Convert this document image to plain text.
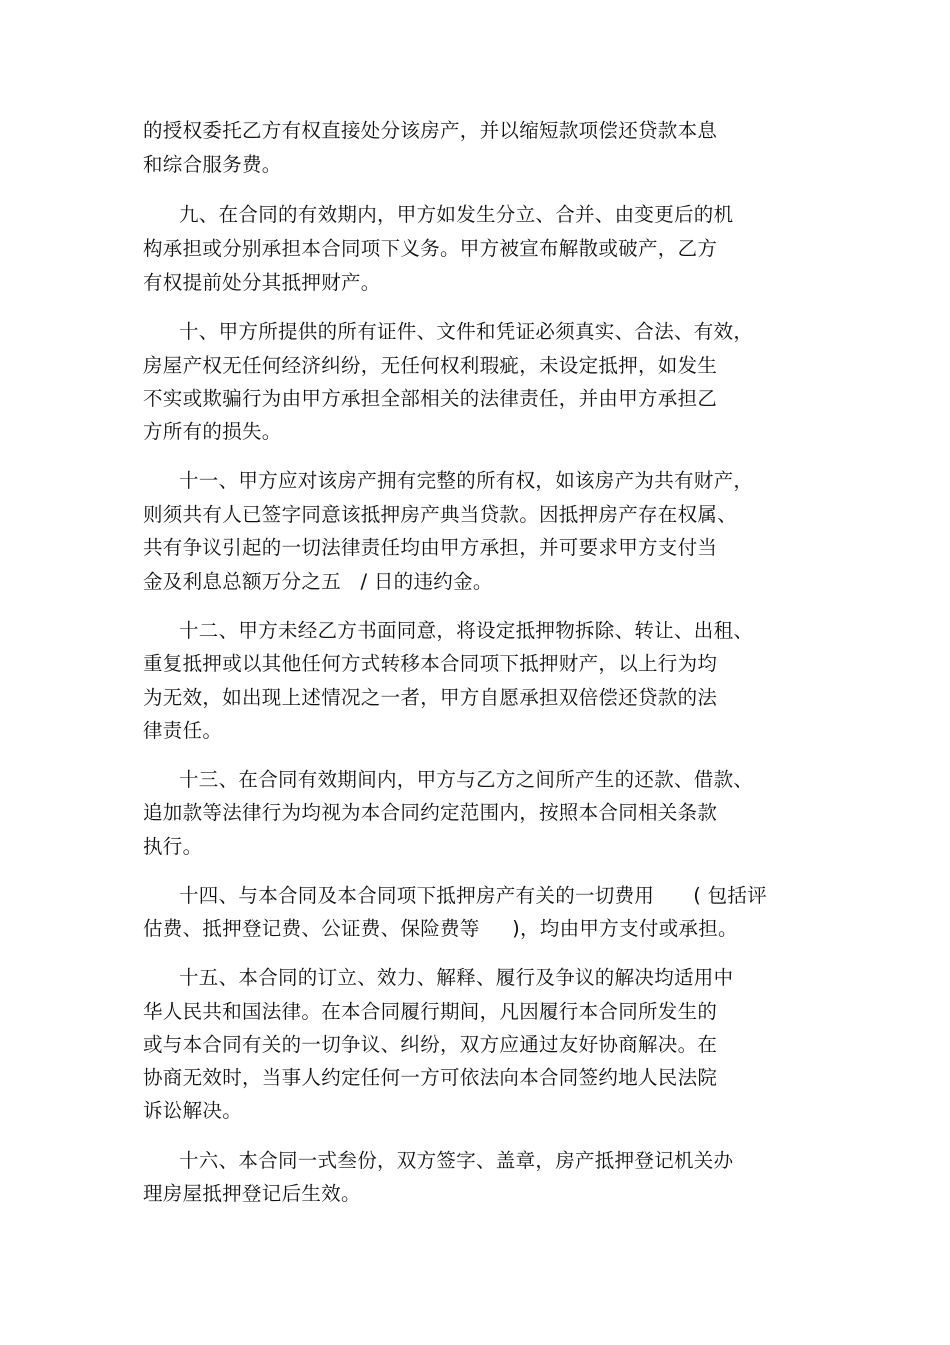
的授权委托乙方有权直接处分该房产，并以缩短款项偿还贷款本息
和综合服务费。
九、在合同的有效期内，甲方如发生分立、合并、由变更后的机
构承担或分别承担本合同项下义务。甲方被宣布解散或破产，乙方
有权提前处分其抵押财产。
十、甲方所提供的所有证件、文件和凭证必须真实、合法、有效，
房屋产权无任何经济纠纷，无任何权利瑕疵，未设定抵押，如发生
不实或欺骗行为由甲方承担全部相关的法律责任，并由甲方承担乙
方所有的损失。
十一、甲方应对该房产拥有完整的所有权，如该房产为共有财产，
则须共有人已签字同意该抵押房产典当贷款。因抵押房产存在权属、
共有争议引起的一切法律责任均由甲方承担，并可要求甲方支付当
金及利息总额万分之五   / 日的违约金。
十二、甲方未经乙方书面同意，将设定抵押物拆除、转让、出租、
重复抵押或以其他任何方式转移本合同项下抵押财产，以上行为均
为无效，如出现上述情况之一者，甲方自愿承担双倍偿还贷款的法
律责任。
十三、在合同有效期间内，甲方与乙方之间所产生的还款、借款、
追加款等法律行为均视为本合同约定范围内，按照本合同相关条款
执行。
十四、与本合同及本合同项下抵押房产有关的一切费用      ( 包括评
估费、抵押登记费、公证费、保险费等     )，均由甲方支付或承担。
十五、本合同的订立、效力、解释、履行及争议的解决均适用中
华人民共和国法律。在本合同履行期间，凡因履行本合同所发生的
或与本合同有关的一切争议、纠纷，双方应通过友好协商解决。在
协商无效时，当事人约定任何一方可依法向本合同签约地人民法院
诉讼解决。
十六、本合同一式叁份，双方签字、盖章，房产抵押登记机关办
理房屋抵押登记后生效。
